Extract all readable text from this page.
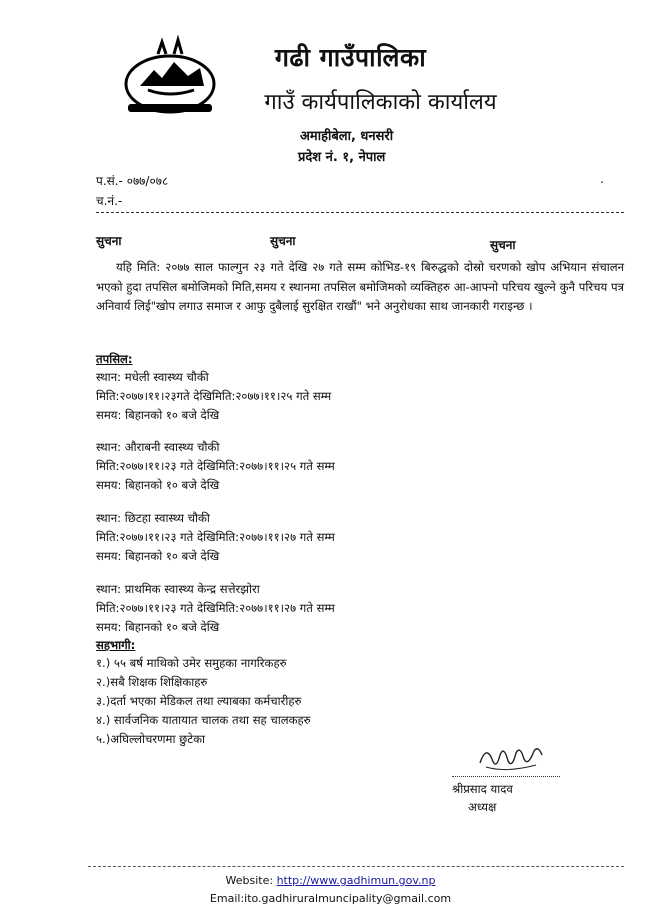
गढी गाउँपालिका
गाउँ कार्यपालिकाको कार्यालय
अमाहीबेला, धनसरी
प्रदेश नं. १, नेपाल
प.सं.- ०७७/०७८
च.नं.-
.
सुचना	सुचना	सुचना
यहि मिति: २०७७ साल फाल्गुन २३ गते देखि २७ गते सम्म कोभिड-१९ बिरुद्धको दोस्रो चरणको खोप अभियान संचालन भएको हुदा तपसिल बमोजिमको मिति,समय र स्थानमा तपसिल बमोजिमको व्यक्तिहरु आ-आफ्नो परिचय खुल्ने कुनै परिचय पत्र अनिवार्य लिई"खोप लगाउ समाज र आफु दुबैलाई सुरक्षित राखौं" भने अनुरोधका साथ जानकारी गराइन्छ ।
तपसिल:
स्थान: मधेली स्वास्थ्य चौकी
मिति:२०७७।११।२३गते देखिमिति:२०७७।११।२५ गते सम्म
समय: बिहानको १० बजे देखि
स्थान: औराबनी स्वास्थ्य चौकी
मिति:२०७७।११।२३ गते देखिमिति:२०७७।११।२५ गते सम्म
समय: बिहानको १० बजे देखि
स्थान: छिटहा स्वास्थ्य चौकी
मिति:२०७७।११।२३ गते देखिमिति:२०७७।११।२७ गते सम्म
समय: बिहानको १० बजे देखि
स्थान: प्राथमिक स्वास्थ्य केन्द्र सत्तेरझोरा
मिति:२०७७।११।२३ गते देखिमिति:२०७७।११।२७ गते सम्म
समय: बिहानको १० बजे देखि
सहभागी:
१.) ५५ बर्ष माथिको उमेर समुहका नागरिकहरु
२.)सबै शिक्षक शिक्षिकाहरु
३.)दर्ता भएका मेडिकल तथा ल्याबका कर्मचारीहरु
४.) सार्वजनिक यातायात चालक तथा सह चालकहरु
५.)अघिल्लोचरणमा छुटेका
श्रीप्रसाद यादव
अध्यक्ष
Website: http://www.gadhimun.gov.np
Email:ito.gadhiruralmuncipality@gmail.com
